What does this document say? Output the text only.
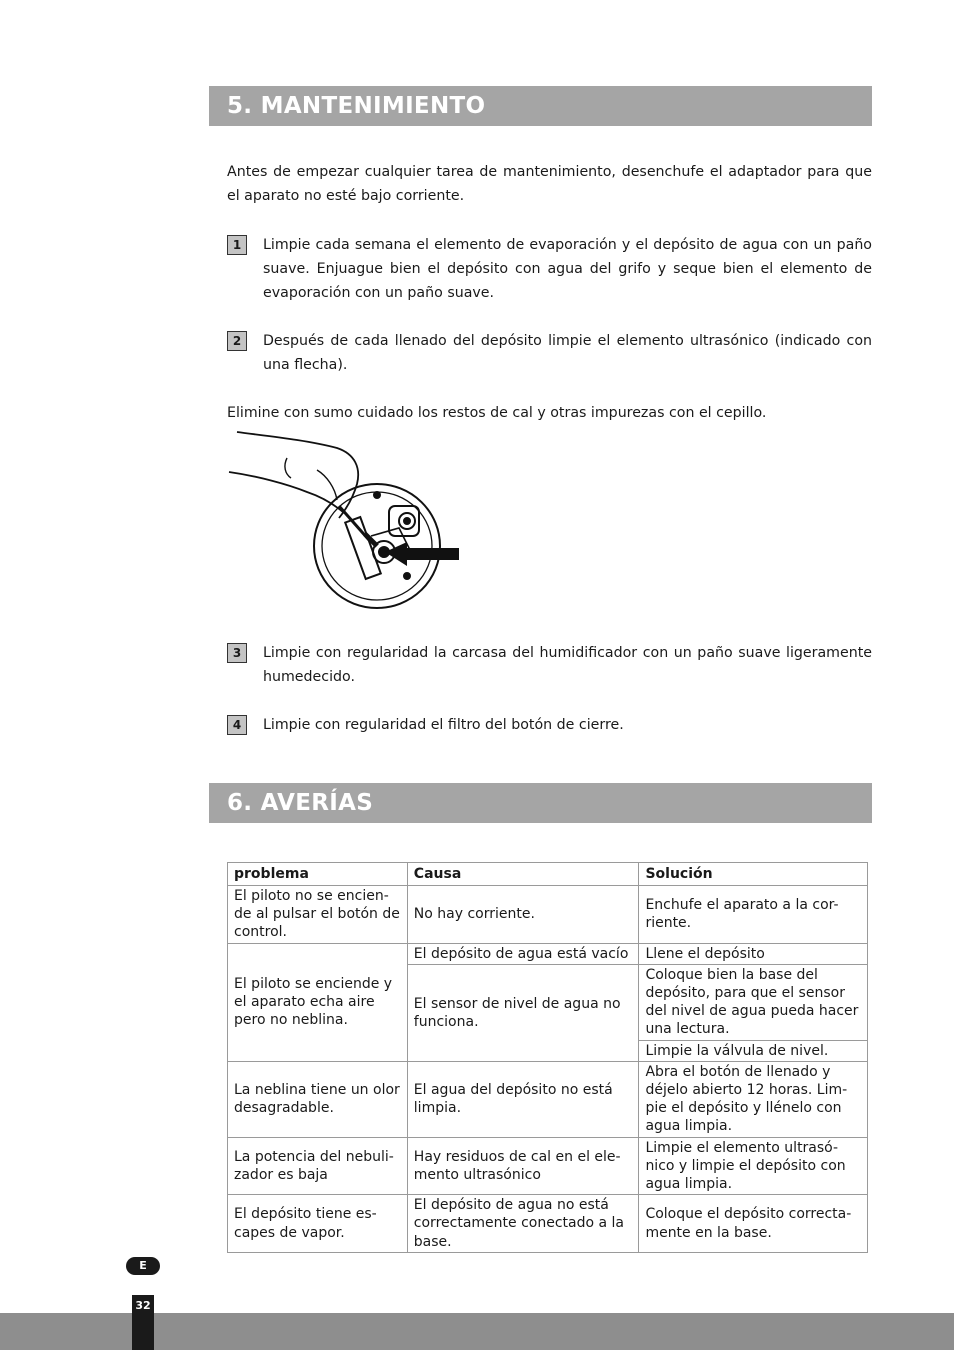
5. MANTENIMIENTO
Antes de empezar cualquier tarea de mantenimiento, desenchufe el adaptador para que el aparato no esté bajo corriente.
1	Limpie cada semana el elemento de evaporación y el depósito de agua con un paño suave. Enjuague bien el depósito con agua del grifo y seque bien el elemento de evaporación con un paño suave.
2	Después de cada llenado del depósito limpie el elemento ultrasónico (indicado con una flecha).
Elimine con sumo cuidado los restos de cal y otras impurezas con el cepillo.
3	Limpie con regularidad la carcasa del humidificador con un paño suave ligeramente humedecido.
4	Limpie con regularidad el filtro del botón de cierre.
6. AVERÍAS
problema	Causa	Solución
El piloto no se encien-de al pulsar el botón de control.	No hay corriente.	Enchufe el aparato a la cor-riente.
El piloto se enciende y el aparato echa aire pero no neblina.	El depósito de agua está vacío	Llene el depósito
	El sensor de nivel de agua no funciona.	Coloque bien la base del depósito, para que el sensor del nivel de agua pueda hacer una lectura.
		Limpie la válvula de nivel.
La neblina tiene un olor desagradable.	El agua del depósito no está limpia.	Abra el botón de llenado y déjelo abierto 12 horas. Lim-pie el depósito y llénelo con agua limpia.
La potencia del nebuli-zador es baja	Hay residuos de cal en el ele-mento ultrasónico	Limpie el elemento ultrasó-nico y limpie el depósito con agua limpia.
El depósito tiene es-capes de vapor.	El depósito de agua no está correctamente conectado a la base.	Coloque el depósito correcta-mente en la base.
E
32
